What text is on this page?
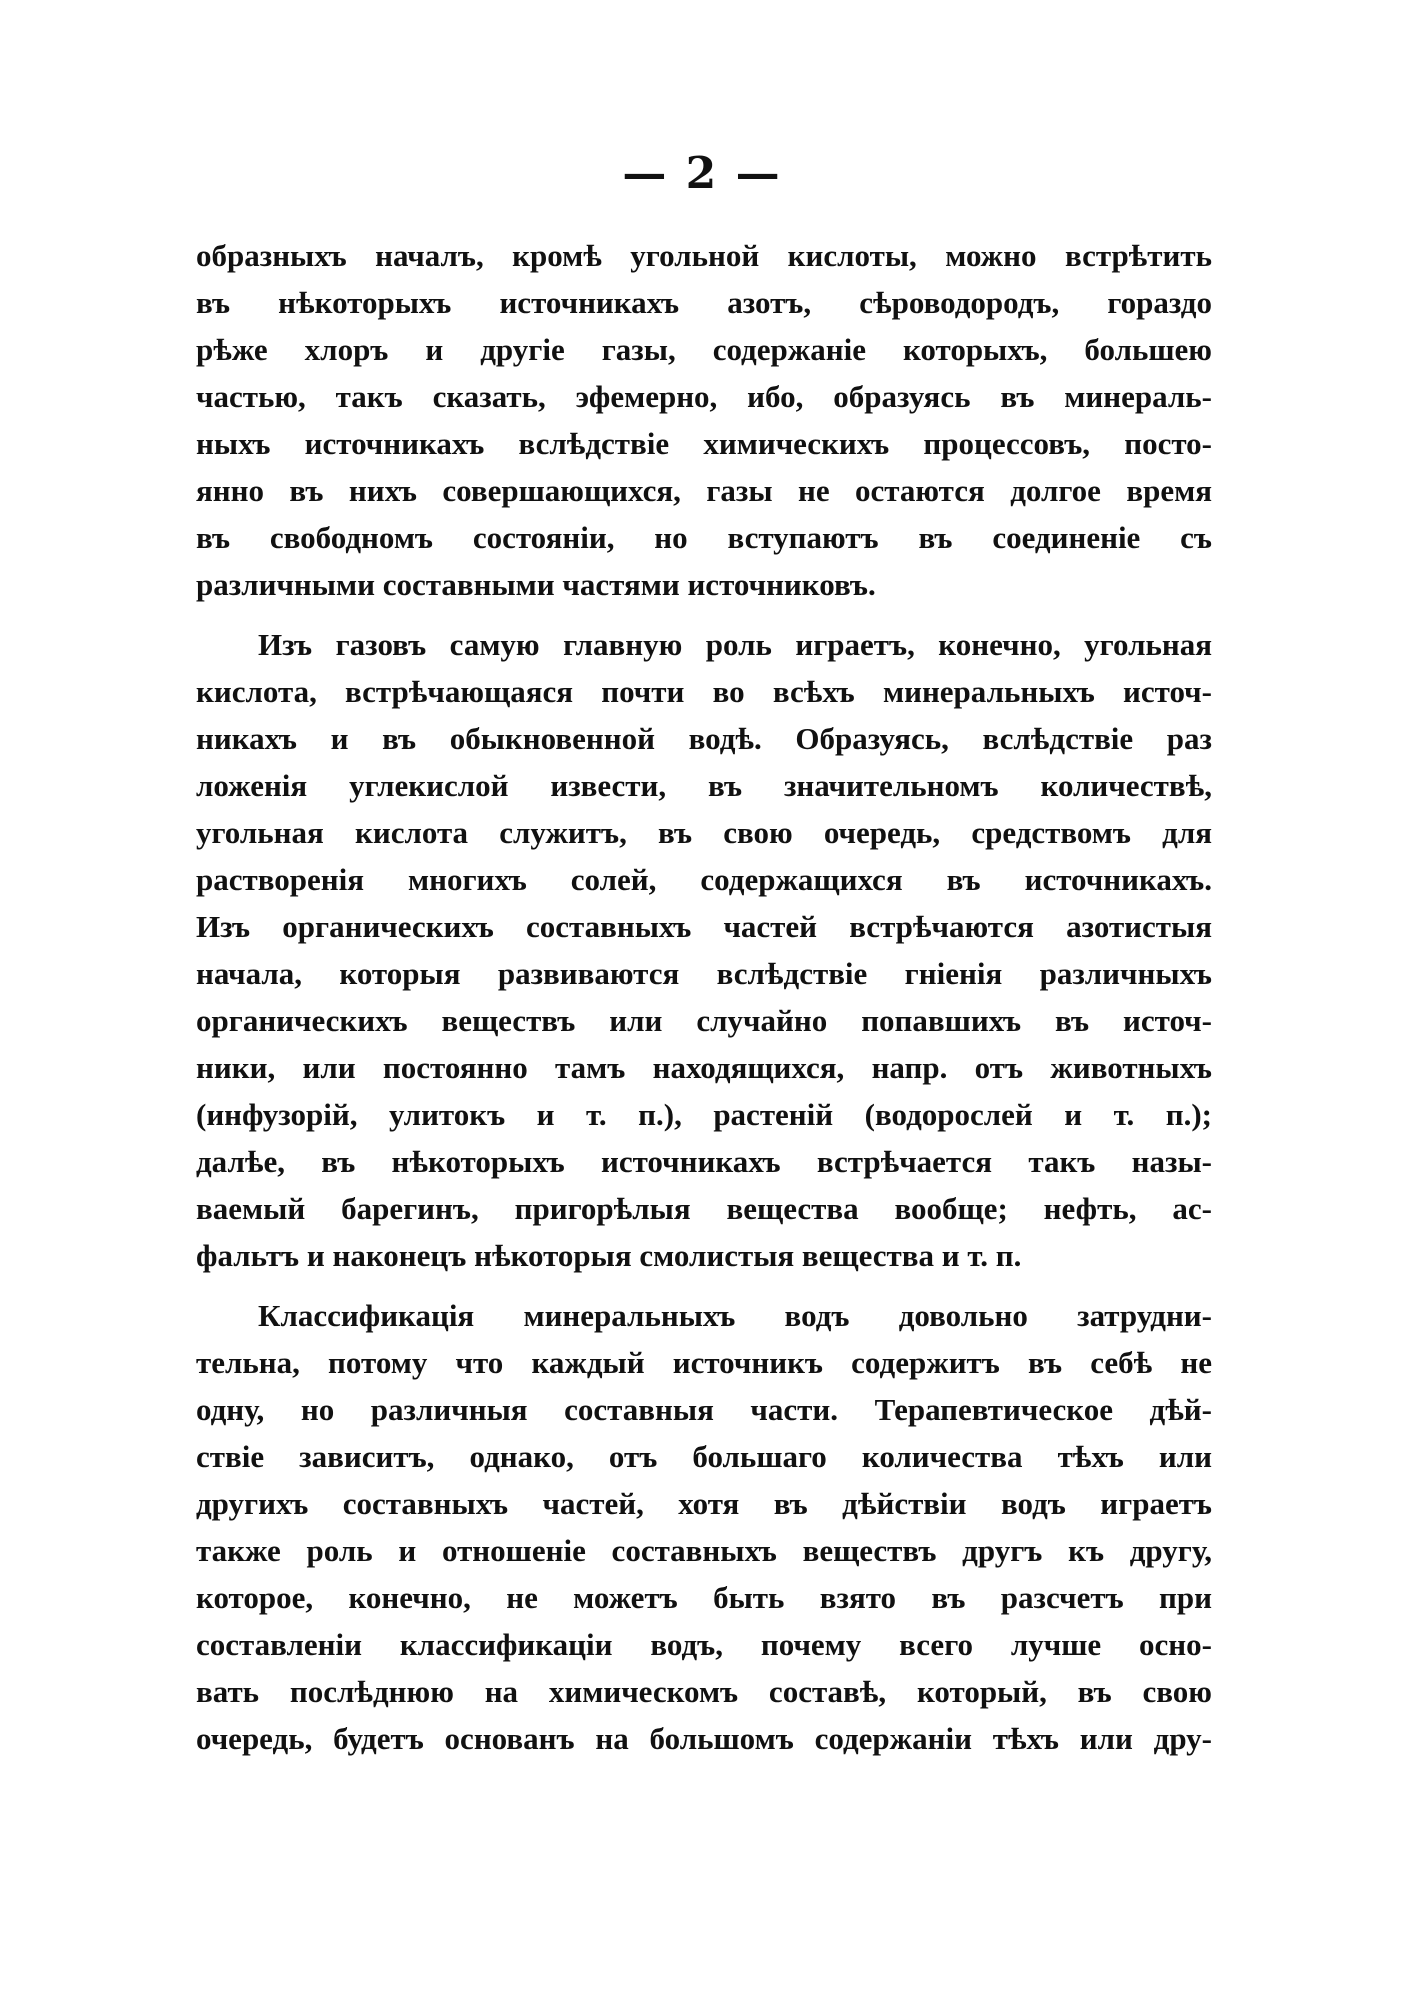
— 2 —
образныхъ началъ, кромѣ угольной кислоты, можно встрѣтить
въ нѣкоторыхъ источникахъ азотъ, сѣроводородъ, гораздо
рѣже хлоръ и другіе газы, содержаніе которыхъ, большею
частью, такъ сказать, эфемерно, ибо, образуясь въ минераль-
ныхъ источникахъ вслѣдствіе химическихъ процессовъ, посто-
янно въ нихъ совершающихся, газы не остаются долгое время
въ свободномъ состояніи, но вступаютъ въ соединеніе съ
различными составными частями источниковъ.
Изъ газовъ самую главную роль играетъ, конечно, угольная
кислота, встрѣчающаяся почти во всѣхъ минеральныхъ источ-
никахъ и въ обыкновенной водѣ. Образуясь, вслѣдствіе раз
ложенія углекислой извести, въ значительномъ количествѣ,
угольная кислота служитъ, въ свою очередь, средствомъ для
растворенія многихъ солей, содержащихся въ источникахъ.
Изъ органическихъ составныхъ частей встрѣчаются азотистыя
начала, которыя развиваются вслѣдствіе гніенія различныхъ
органическихъ веществъ или случайно попавшихъ въ источ-
ники, или постоянно тамъ находящихся, напр. отъ животныхъ
(инфузорій, улитокъ и т. п.), растеній (водорослей и т. п.);
далѣе, въ нѣкоторыхъ источникахъ встрѣчается такъ назы-
ваемый барегинъ, пригорѣлыя вещества вообще; нефть, ас-
фальтъ и наконецъ нѣкоторыя смолистыя вещества и т. п.
Классификація минеральныхъ водъ довольно затрудни-
тельна, потому что каждый источникъ содержитъ въ себѣ не
одну, но различныя составныя части. Терапевтическое дѣй-
ствіе зависитъ, однако, отъ большаго количества тѣхъ или
другихъ составныхъ частей, хотя въ дѣйствіи водъ играетъ
также роль и отношеніе составныхъ веществъ другъ къ другу,
которое, конечно, не можетъ быть взято въ разсчетъ при
составленіи классификаціи водъ, почему всего лучше осно-
вать послѣднюю на химическомъ составѣ, который, въ свою
очередь, будетъ основанъ на большомъ содержаніи тѣхъ или дру-
